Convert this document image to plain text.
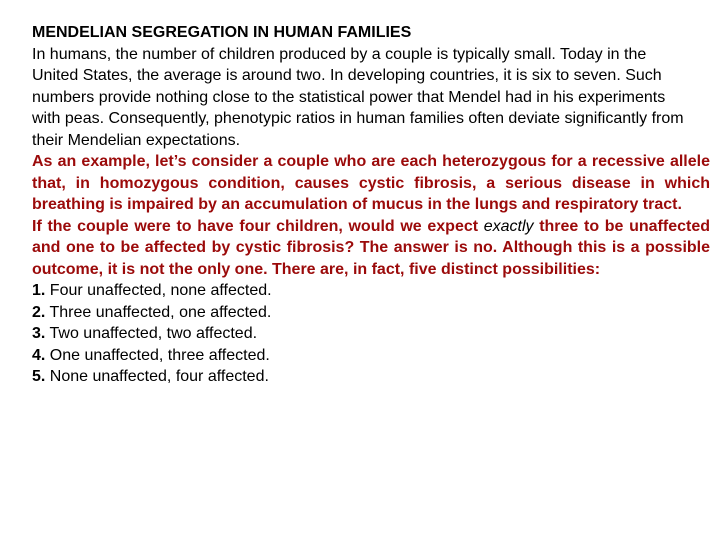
MENDELIAN SEGREGATION IN HUMAN FAMILIES

In humans, the number of children produced by a couple is typically small. Today in the United States, the average is around two. In developing countries, it is six to seven. Such numbers provide nothing close to the statistical power that Mendel had in his experiments with peas. Consequently, phenotypic ratios in human families often deviate significantly from their Mendelian expectations.

As an example, let’s consider a couple who are each heterozygous for a recessive allele that, in homozygous condition, causes cystic fibrosis, a serious disease in which breathing is impaired by an accumulation of mucus in the lungs and respiratory tract.

If the couple were to have four children, would we expect exactly three to be unaffected and one to be affected by cystic fibrosis? The answer is no. Although this is a possible outcome, it is not the only one. There are, in fact, five distinct possibilities:

1. Four unaffected, none affected.
2. Three unaffected, one affected.
3. Two unaffected, two affected.
4. One unaffected, three affected.
5. None unaffected, four affected.
